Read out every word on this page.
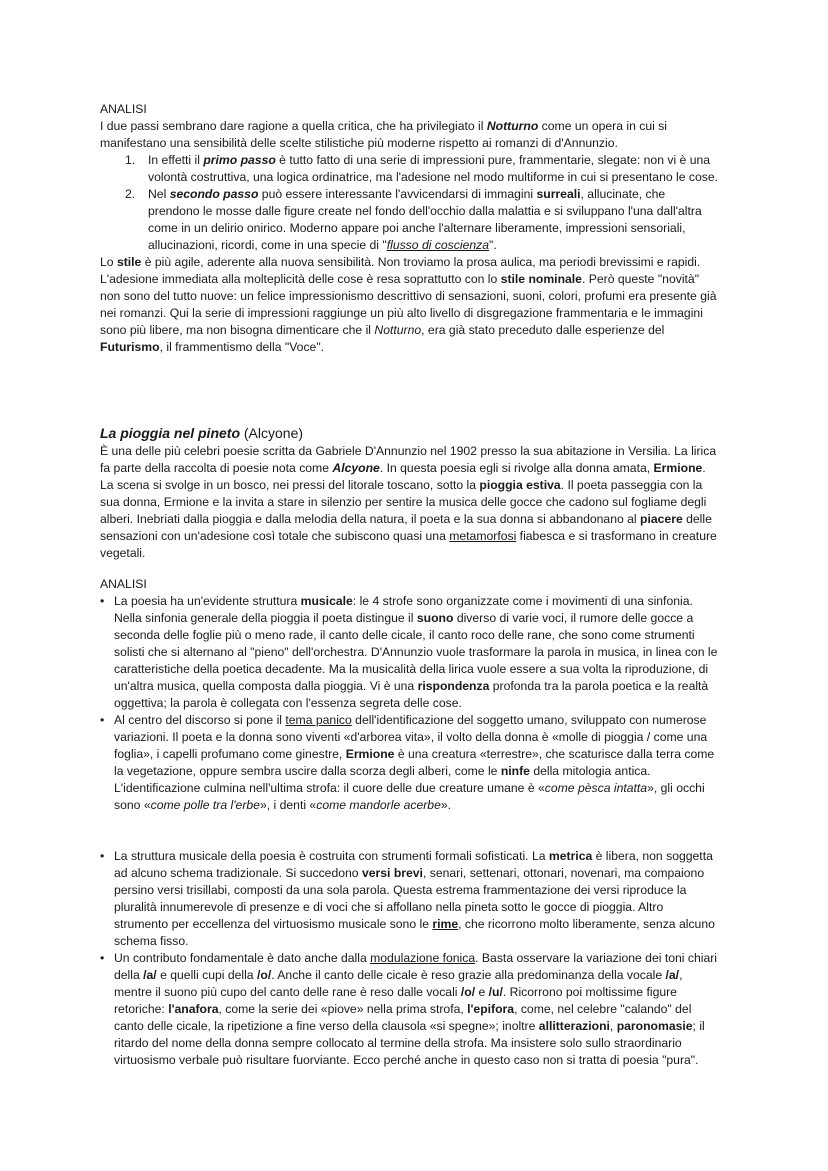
ANALISI

I due passi sembrano dare ragione a quella critica, che ha privilegiato il Notturno come un opera in cui si manifestano una sensibilità delle scelte stilistiche più moderne rispetto ai romanzi di d'Annunzio.

1. In effetti il primo passo è tutto fatto di una serie di impressioni pure, frammentarie, slegate: non vi è una volontà costruttiva, una logica ordinatrice, ma l'adesione nel modo multiforme in cui si presentano le cose.
2. Nel secondo passo può essere interessante l'avvicendarsi di immagini surreali, allucinate, che prendono le mosse dalle figure create nel fondo dell'occhio dalla malattia e si sviluppano l'una dall'altra come in un delirio onirico. Moderno appare poi anche l'alternare liberamente, impressioni sensoriali, allucinazioni, ricordi, come in una specie di "flusso di coscienza".

Lo stile è più agile, aderente alla nuova sensibilità. Non troviamo la prosa aulica, ma periodi brevissimi e rapidi. L'adesione immediata alla molteplicità delle cose è resa soprattutto con lo stile nominale. Però queste "novità" non sono del tutto nuove: un felice impressionismo descrittivo di sensazioni, suoni, colori, profumi era presente già nei romanzi. Qui la serie di impressioni raggiunge un più alto livello di disgregazione frammentaria e le immagini sono più libere, ma non bisogna dimenticare che il Notturno, era già stato preceduto dalle esperienze del Futurismo, il frammentismo della "Voce".

La pioggia nel pineto (Alcyone)

È una delle più celebri poesie scritta da Gabriele D'Annunzio nel 1902 presso la sua abitazione in Versilia. La lirica fa parte della raccolta di poesie nota come Alcyone. In questa poesia egli si rivolge alla donna amata, Ermione. La scena si svolge in un bosco, nei pressi del litorale toscano, sotto la pioggia estiva. Il poeta passeggia con la sua donna, Ermione e la invita a stare in silenzio per sentire la musica delle gocce che cadono sul fogliame degli alberi. Inebriati dalla pioggia e dalla melodia della natura, il poeta e la sua donna si abbandonano al piacere delle sensazioni con un'adesione così totale che subiscono quasi una metamorfosi fiabesca e si trasformano in creature vegetali.

ANALISI

• La poesia ha un'evidente struttura musicale: le 4 strofe sono organizzate come i movimenti di una sinfonia. Nella sinfonia generale della pioggia il poeta distingue il suono diverso di varie voci, il rumore delle gocce a seconda delle foglie più o meno rade, il canto delle cicale, il canto roco delle rane, che sono come strumenti solisti che si alternano al "pieno" dell'orchestra. D'Annunzio vuole trasformare la parola in musica, in linea con le caratteristiche della poetica decadente. Ma la musicalità della lirica vuole essere a sua volta la riproduzione, di un'altra musica, quella composta dalla pioggia. Vi è una rispondenza profonda tra la parola poetica e la realtà oggettiva; la parola è collegata con l'essenza segreta delle cose.

• Al centro del discorso si pone il tema panico dell'identificazione del soggetto umano, sviluppato con numerose variazioni. Il poeta e la donna sono viventi «d'arborea vita», il volto della donna è «molle di pioggia / come una foglia», i capelli profumano come ginestre, Ermione è una creatura «terrestre», che scaturisce dalla terra come la vegetazione, oppure sembra uscire dalla scorza degli alberi, come le ninfe della mitologia antica. L'identificazione culmina nell'ultima strofa: il cuore delle due creature umane è «come pèsca intatta», gli occhi sono «come polle tra l'erbe», i denti «come mandorle acerbe».

• La struttura musicale della poesia è costruita con strumenti formali sofisticati. La metrica è libera, non soggetta ad alcuno schema tradizionale. Si succedono versi brevi, senari, settenari, ottonari, novenari, ma compaiono persino versi trisillabi, composti da una sola parola. Questa estrema frammentazione dei versi riproduce la pluralità innumerevole di presenze e di voci che si affollano nella pineta sotto le gocce di pioggia. Altro strumento per eccellenza del virtuosismo musicale sono le rime, che ricorrono molto liberamente, senza alcuno schema fisso.

• Un contributo fondamentale è dato anche dalla modulazione fonica. Basta osservare la variazione dei toni chiari della /a/ e quelli cupi della /o/. Anche il canto delle cicale è reso grazie alla predominanza della vocale /a/, mentre il suono più cupo del canto delle rane è reso dalle vocali /o/ e /u/. Ricorrono poi moltissime figure retoriche: l'anafora, come la serie dei «piove» nella prima strofa, l'epifora, come, nel celebre "calando" del canto delle cicale, la ripetizione a fine verso della clausola «si spegne»; inoltre allitterazioni, paronomasie; il ritardo del nome della donna sempre collocato al termine della strofa. Ma insistere solo sullo straordinario virtuosismo verbale può risultare fuorviante. Ecco perché anche in questo caso non si tratta di poesia "pura".
